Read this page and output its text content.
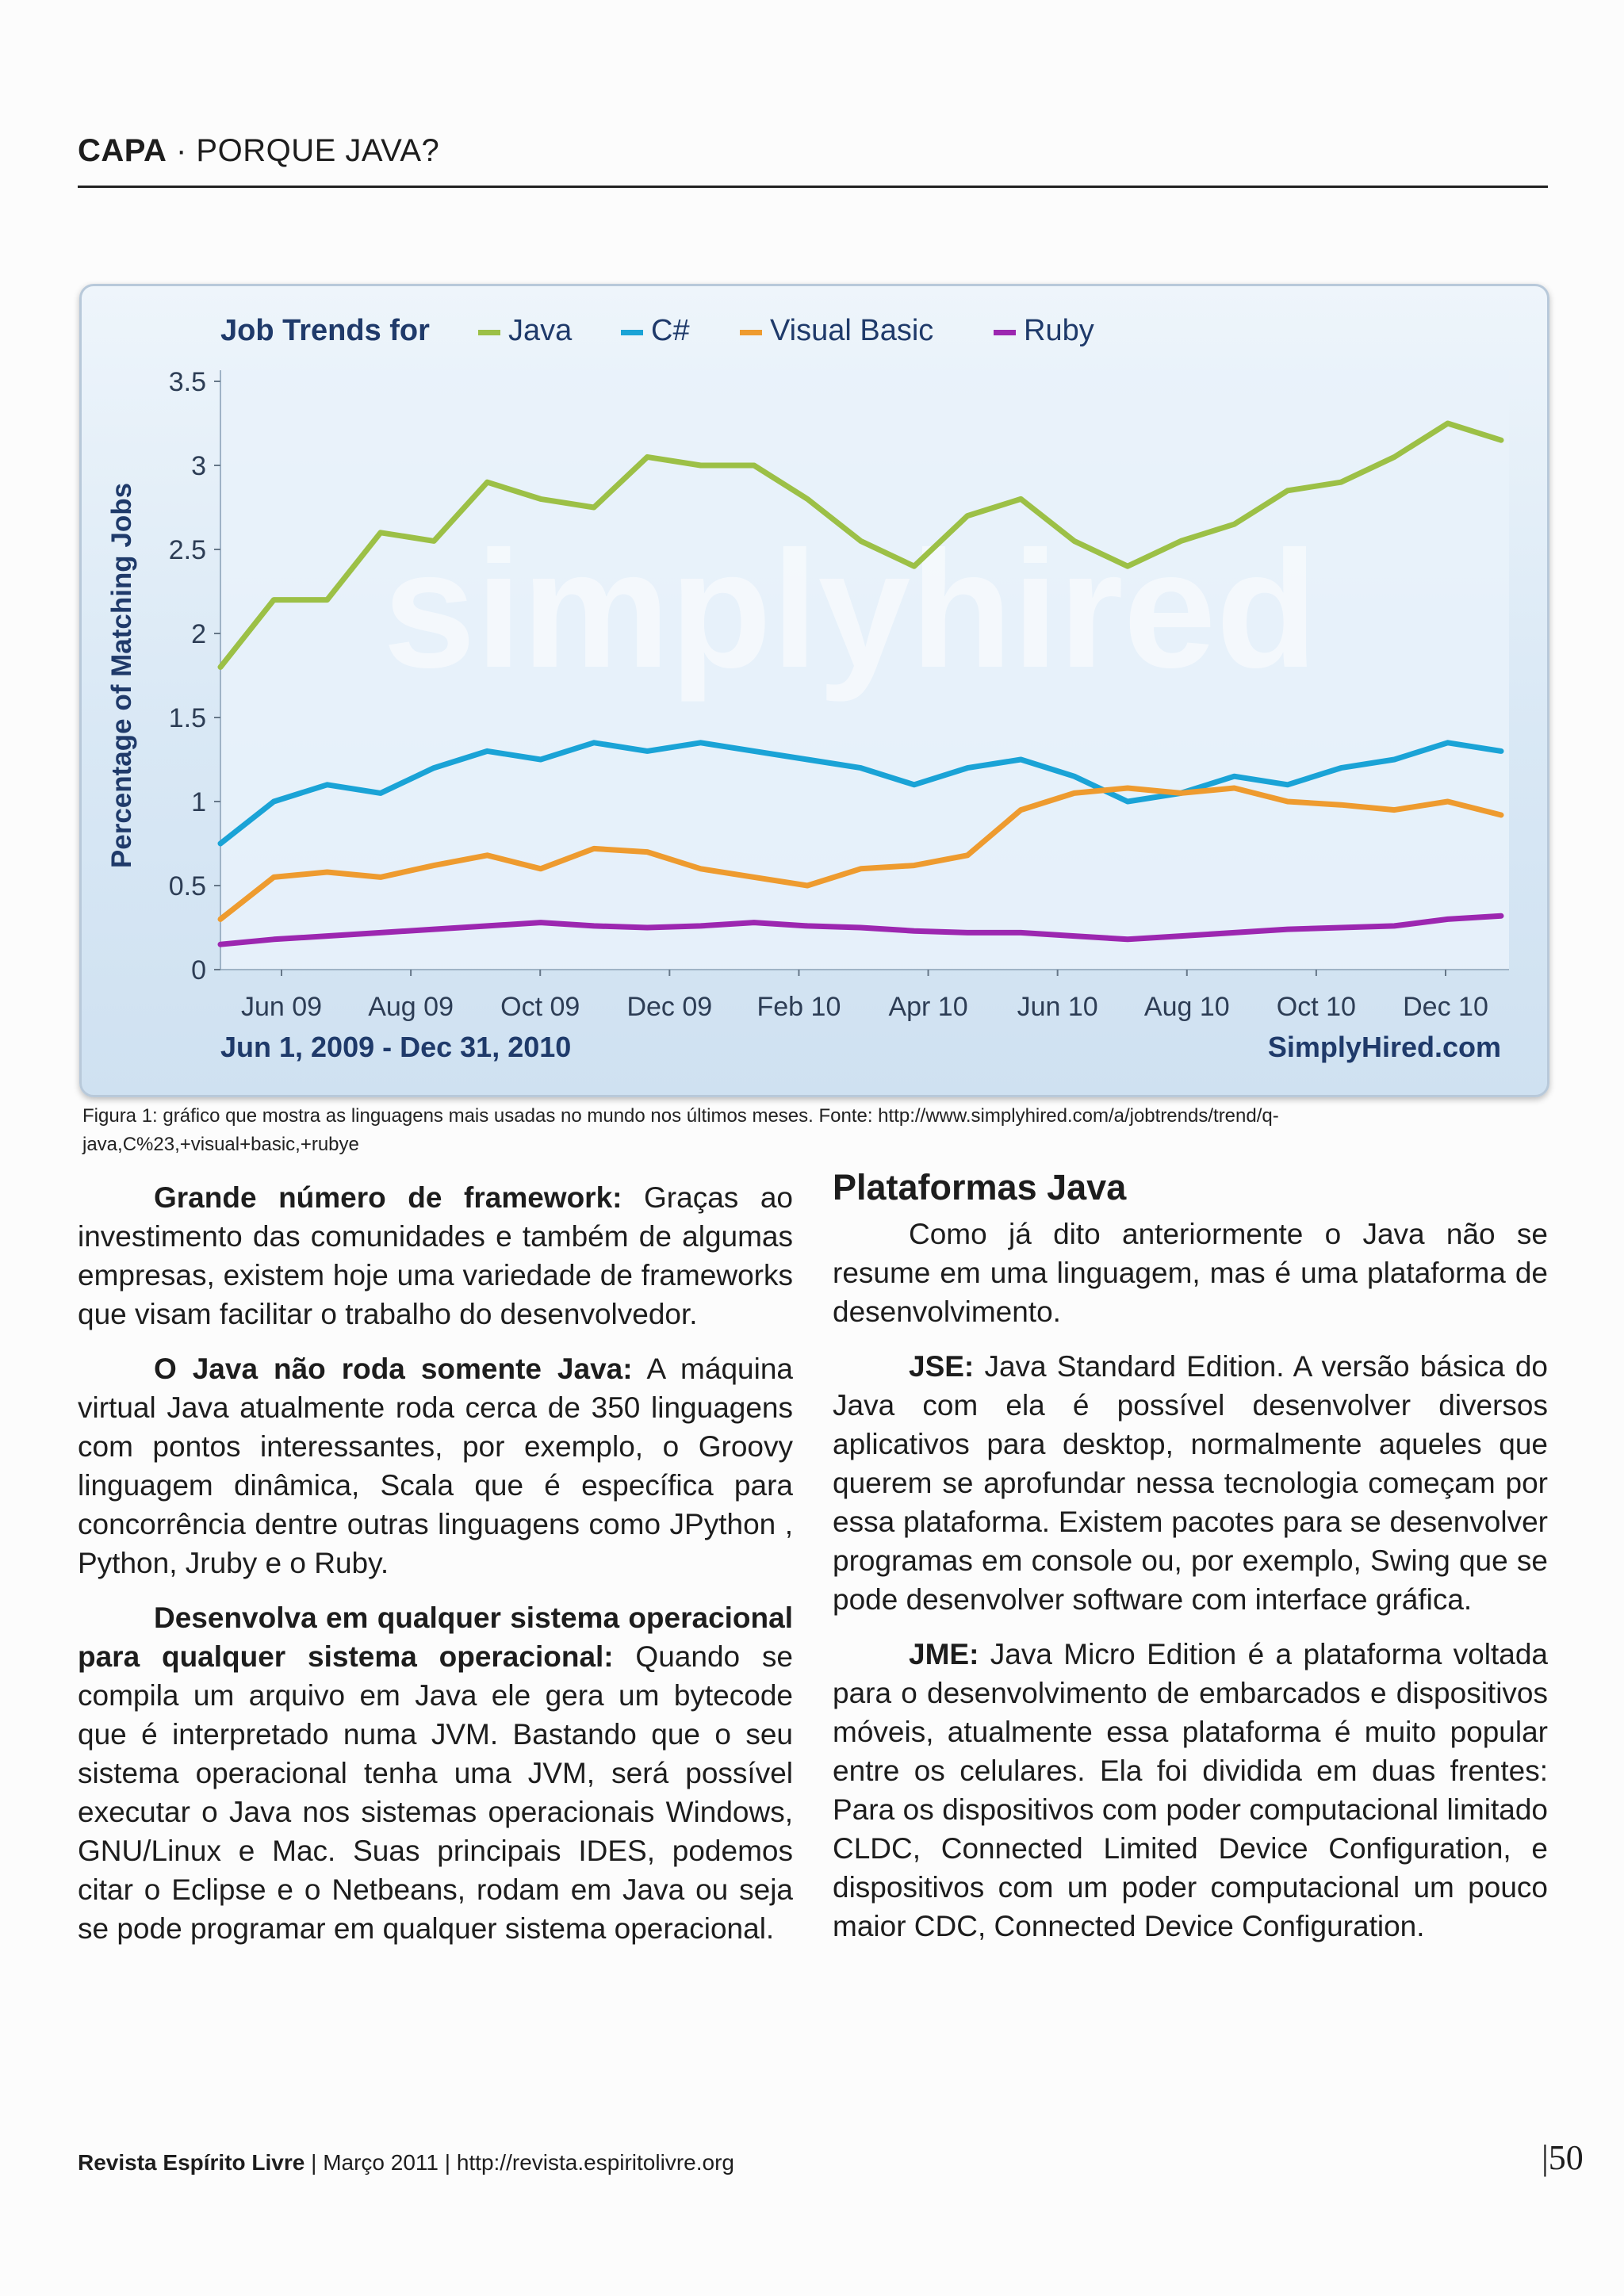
CAPA · PORQUE JAVA?
simplyhired
0
0.5
1
1.5
2
2.5
3
3.5
Percentage of Matching Jobs
Jun 09 Aug 09 Oct 09 Dec 09 Feb 10 Apr 10 Jun 10 Aug 10 Oct 10 Dec 10
Job Trends for	Java	C#	Visual Basic	Ruby
Jun 1, 2009 - Dec 31, 2010	SimplyHired.com
Figura 1: gráfico que mostra as linguagens mais usadas no mundo nos últimos meses. Fonte: http://www.simplyhired.com/a/jobtrends/trend/q-java,C%23,+visual+basic,+rubye

Grande número de framework: Graças ao investimento das comunidades e também de algumas empresas, existem hoje uma variedade de frameworks que visam facilitar o trabalho do desenvolvedor.

O Java não roda somente Java: A máquina virtual Java atualmente roda cerca de 350 linguagens com pontos interessantes, por exemplo, o Groovy linguagem dinâmica, Scala que é específica para concorrência dentre outras linguagens como JPython , Python, Jruby e o Ruby.

Desenvolva em qualquer sistema operacional para qualquer sistema operacional: Quando se compila um arquivo em Java ele gera um bytecode que é interpretado numa JVM. Bastando que o seu sistema operacional tenha uma JVM, será possível executar o Java nos sistemas operacionais Windows, GNU/Linux e Mac. Suas principais IDES, podemos citar o Eclipse e o Netbeans, rodam em Java ou seja se pode programar em qualquer sistema operacional.

Plataformas Java

Como já dito anteriormente o Java não se resume em uma linguagem, mas é uma plataforma de desenvolvimento.

JSE: Java Standard Edition. A versão básica do Java com ela é possível desenvolver diversos aplicativos para desktop, normalmente aqueles que querem se aprofundar nessa tecnologia começam por essa plataforma. Existem pacotes para se desenvolver programas em console ou, por exemplo, Swing que se pode desenvolver software com interface gráfica.

JME: Java Micro Edition é a plataforma voltada para o desenvolvimento de embarcados e dispositivos móveis, atualmente essa plataforma é muito popular entre os celulares. Ela foi dividida em duas frentes: Para os dispositivos com poder computacional limitado CLDC, Connected Limited Device Configuration, e dispositivos com um poder computacional um pouco maior CDC, Connected Device Configuration.

Revista Espírito Livre | Março 2011 | http://revista.espiritolivre.org	|50
